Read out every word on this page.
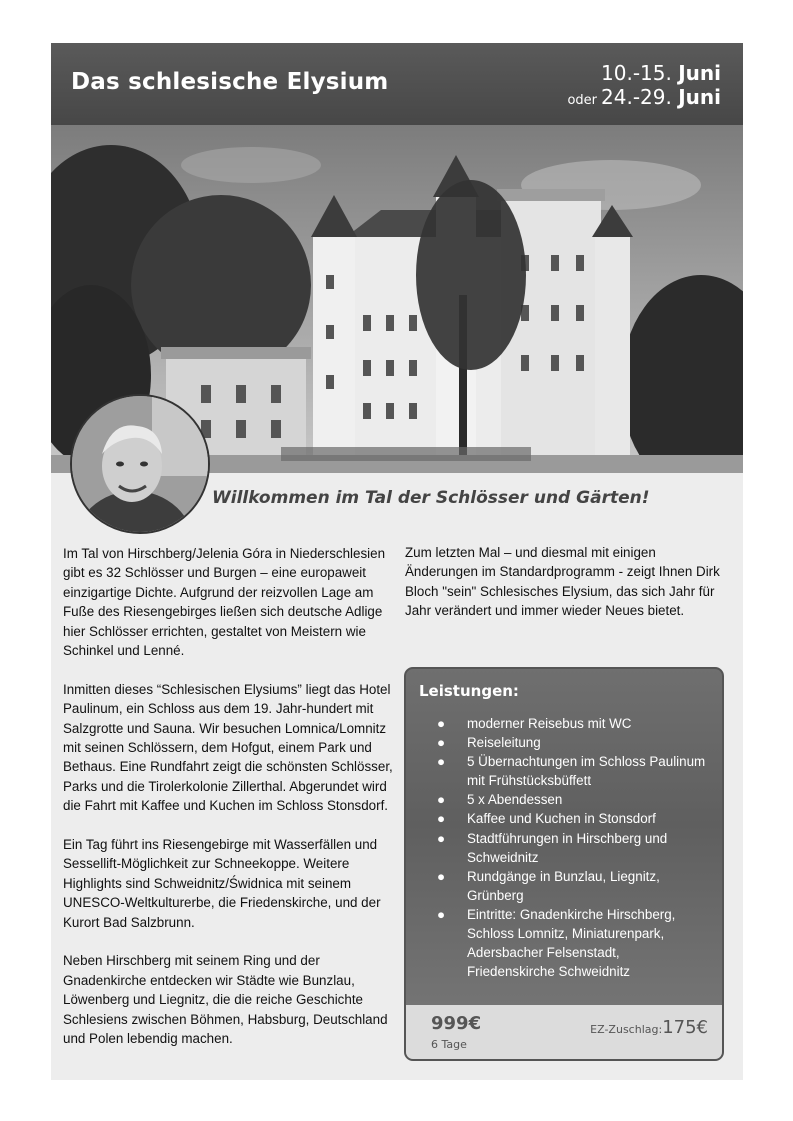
Das schlesische Elysium	10.-15. Juni
oder 24.-29. Juni
Willkommen im Tal der Schlösser und Gärten!

Im Tal von Hirschberg/Jelenia Góra in Niederschlesien gibt es 32 Schlösser und Burgen – eine europaweit einzigartige Dichte. Aufgrund der reizvollen Lage am Fuße des Riesengebirges ließen sich deutsche Adlige hier Schlösser errichten, gestaltet von Meistern wie Schinkel und Lenné.

Inmitten dieses “Schlesischen Elysiums” liegt das Hotel Paulinum, ein Schloss aus dem 19. Jahr-hundert mit Salzgrotte und Sauna. Wir besuchen Lomnica/Lomnitz mit seinen Schlössern, dem Hofgut, einem Park und Bethaus. Eine Rundfahrt zeigt die schönsten Schlösser, Parks und die Tirolerkolonie Zillerthal. Abgerundet wird die Fahrt mit Kaffee und Kuchen im Schloss Stonsdorf.

Ein Tag führt ins Riesengebirge mit Wasserfällen und Sessellift-Möglichkeit zur Schneekoppe. Weitere Highlights sind Schweidnitz/Świdnica mit seinem UNESCO-Weltkulturerbe, die Friedenskirche, und der Kurort Bad Salzbrunn.

Neben Hirschberg mit seinem Ring und der Gnadenkirche entdecken wir Städte wie Bunzlau, Löwenberg und Liegnitz, die die reiche Geschichte Schlesiens zwischen Böhmen, Habsburg, Deutschland und Polen lebendig machen.

Zum letzten Mal – und diesmal mit einigen Änderungen im Standardprogramm - zeigt Ihnen Dirk Bloch "sein" Schlesisches Elysium, das sich Jahr für Jahr verändert und immer wieder Neues bietet.

Leistungen:
● moderner Reisebus mit WC
● Reiseleitung
● 5 Übernachtungen im Schloss Paulinum mit Frühstücksbüffett
● 5 x Abendessen
● Kaffee und Kuchen in Stonsdorf
● Stadtführungen in Hirschberg und Schweidnitz
● Rundgänge in Bunzlau, Liegnitz, Grünberg
● Eintritte: Gnadenkirche Hirschberg, Schloss Lomnitz, Miniaturenpark, Adersbacher Felsenstadt, Friedenskirche Schweidnitz
999€
6 Tage
EZ-Zuschlag:175€
